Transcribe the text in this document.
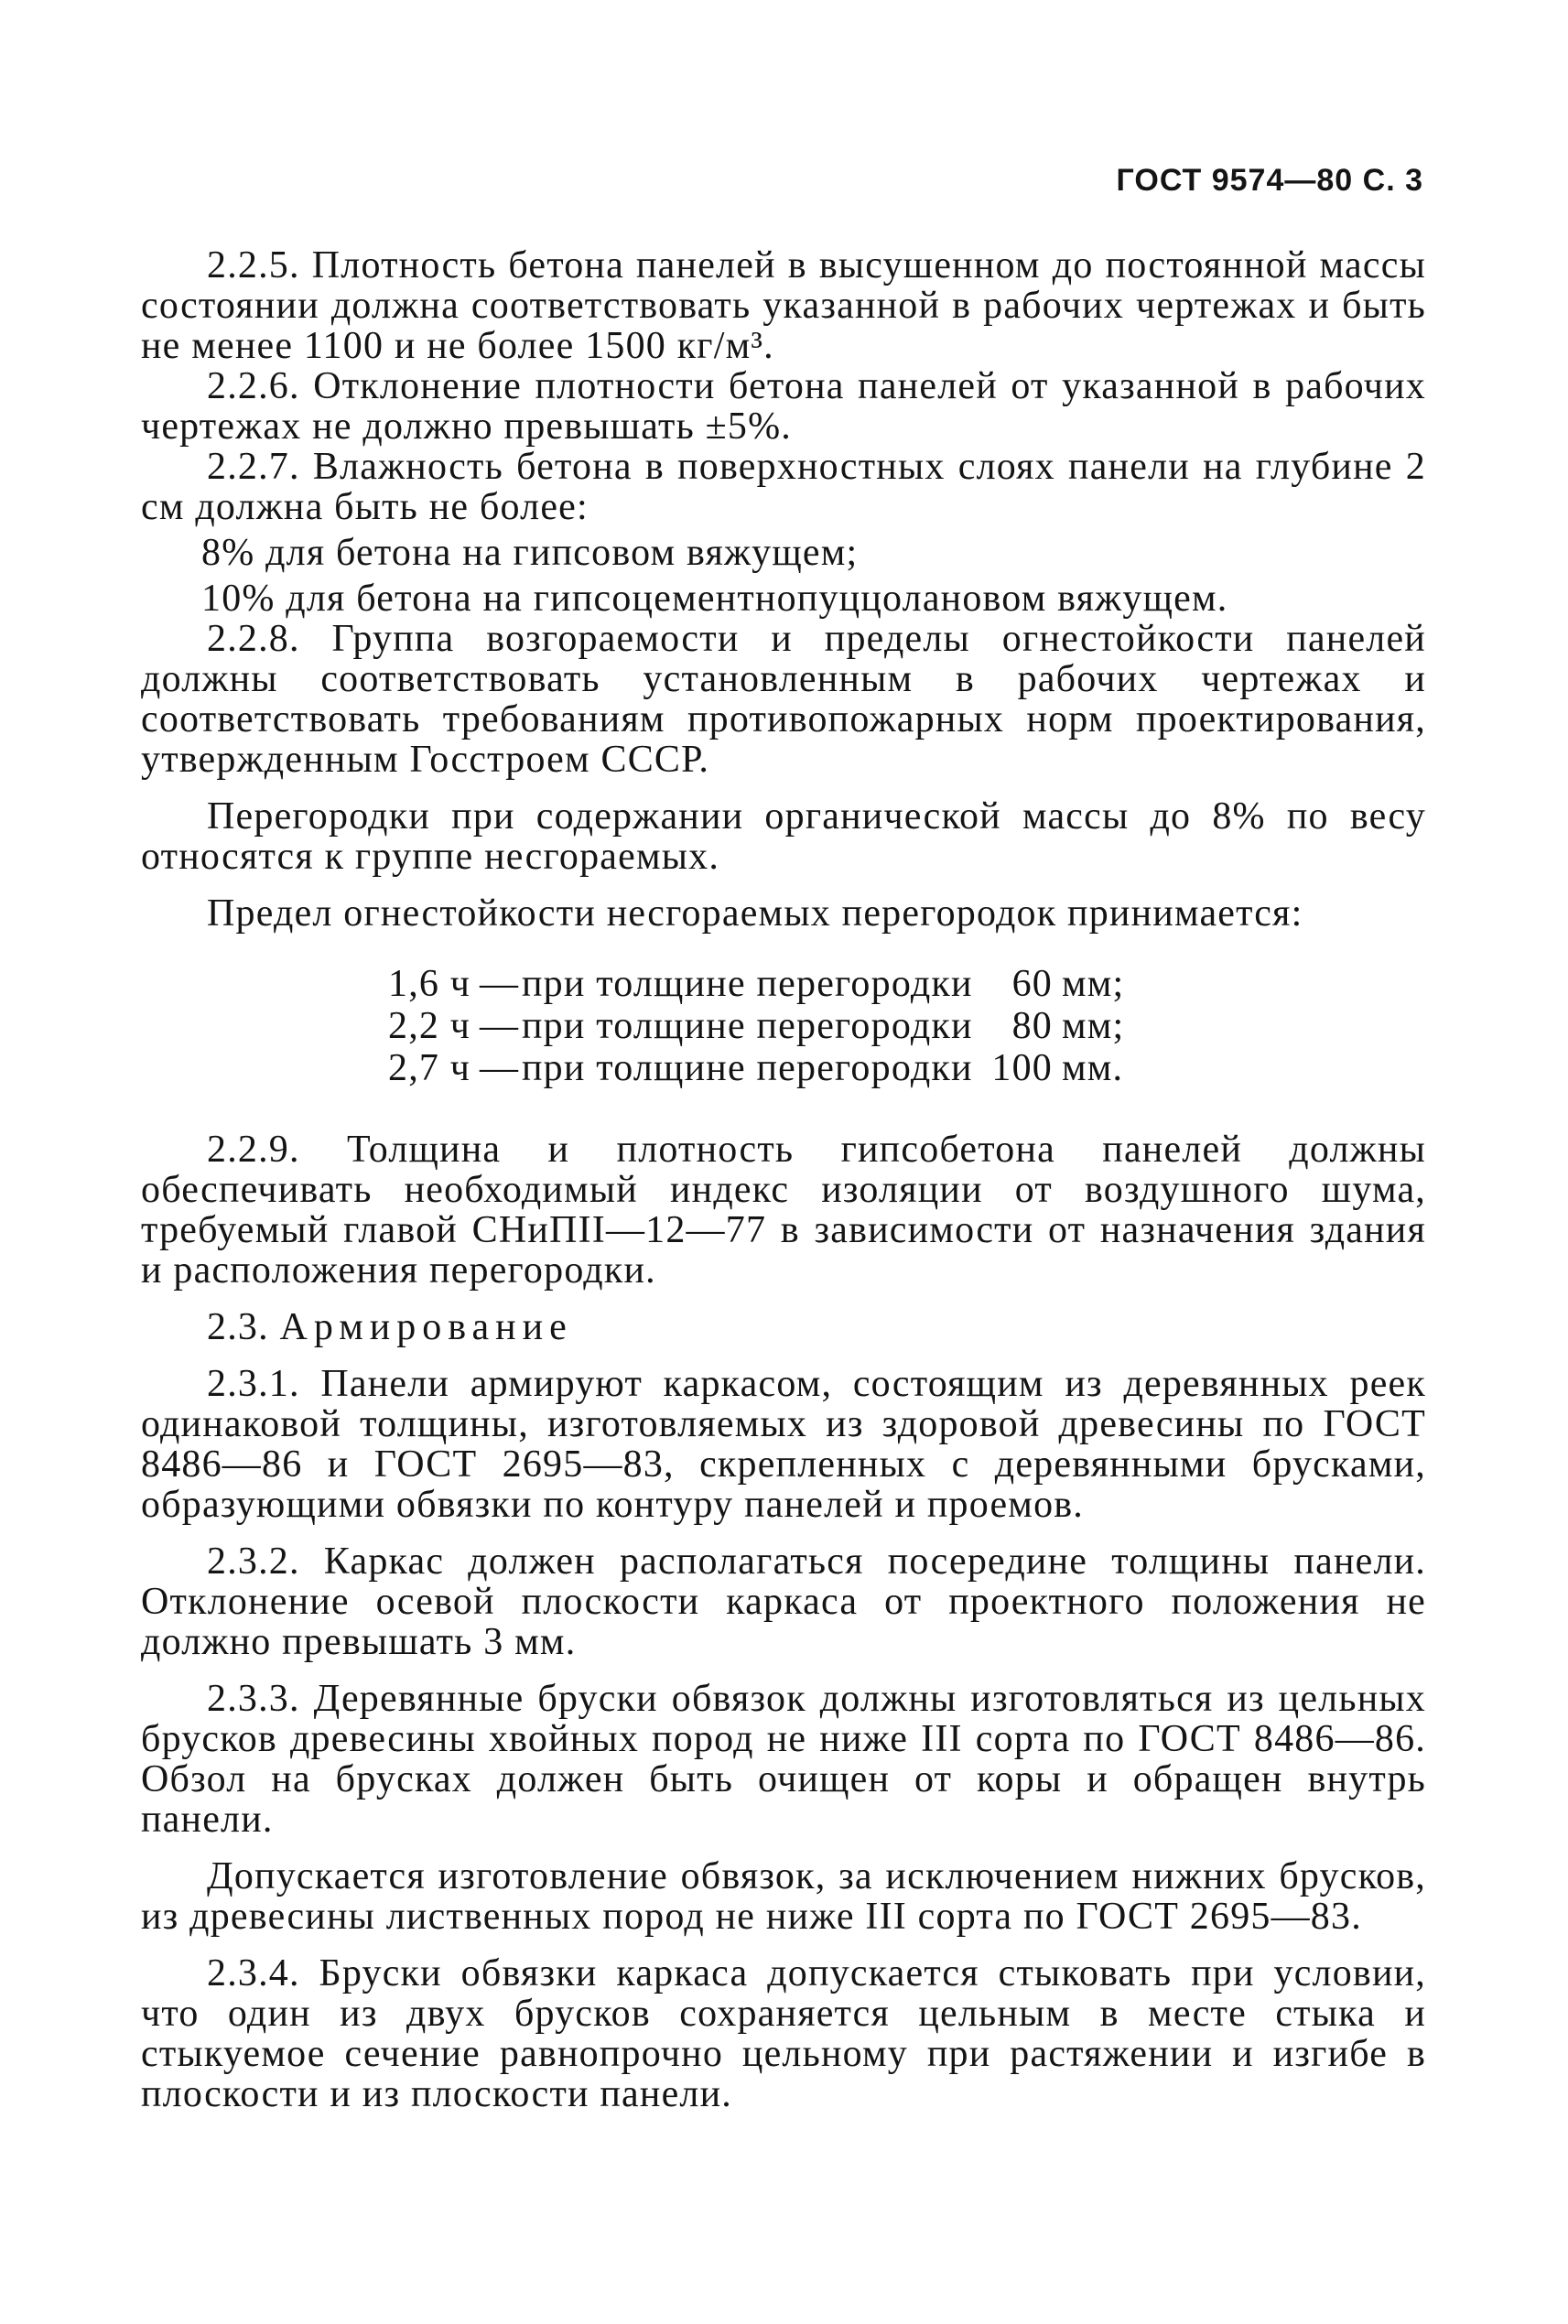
ГОСТ 9574—80 С. 3

2.2.5. Плотность бетона панелей в высушенном до постоянной массы состоянии должна соответствовать указанной в рабочих чертежах и быть не менее 1100 и не более 1500 кг/м³.

2.2.6. Отклонение плотности бетона панелей от указанной в рабочих чертежах не должно превышать ±5%.

2.2.7. Влажность бетона в поверхностных слоях панели на глубине 2 см должна быть не более:

8% для бетона на гипсовом вяжущем;
10% для бетона на гипсоцементнопуццолановом вяжущем.

2.2.8. Группа возгораемости и пределы огнестойкости панелей должны соответствовать установленным в рабочих чертежах и соответствовать требованиям противопожарных норм проектирования, утвержденным Госстроем СССР.

Перегородки при содержании органической массы до 8% по весу относятся к группе несгораемых.

Предел огнестойкости несгораемых перегородок принимается:

1,6 ч — при толщине перегородки	60 мм;
2,2 ч — при толщине перегородки	80 мм;
2,7 ч — при толщине перегородки 100 мм.

2.2.9. Толщина и плотность гипсобетона панелей должны обеспечивать необходимый индекс изоляции от воздушного шума, требуемый главой СНиПII—12—77 в зависимости от назначения здания и расположения перегородки.

2.3. Армирование

2.3.1. Панели армируют каркасом, состоящим из деревянных реек одинаковой толщины, изготовляемых из здоровой древесины по ГОСТ 8486—86 и ГОСТ 2695—83, скрепленных с деревянными брусками, образующими обвязки по контуру панелей и проемов.

2.3.2. Каркас должен располагаться посередине толщины панели. Отклонение осевой плоскости каркаса от проектного положения не должно превышать 3 мм.

2.3.3. Деревянные бруски обвязок должны изготовляться из цельных брусков древесины хвойных пород не ниже III сорта по ГОСТ 8486—86. Обзол на брусках должен быть очищен от коры и обращен внутрь панели.

Допускается изготовление обвязок, за исключением нижних брусков, из древесины лиственных пород не ниже III сорта по ГОСТ 2695—83.

2.3.4. Бруски обвязки каркаса допускается стыковать при условии, что один из двух брусков сохраняется цельным в месте стыка и стыкуемое сечение равнопрочно цельному при растяжении и изгибе в плоскости и из плоскости панели.
